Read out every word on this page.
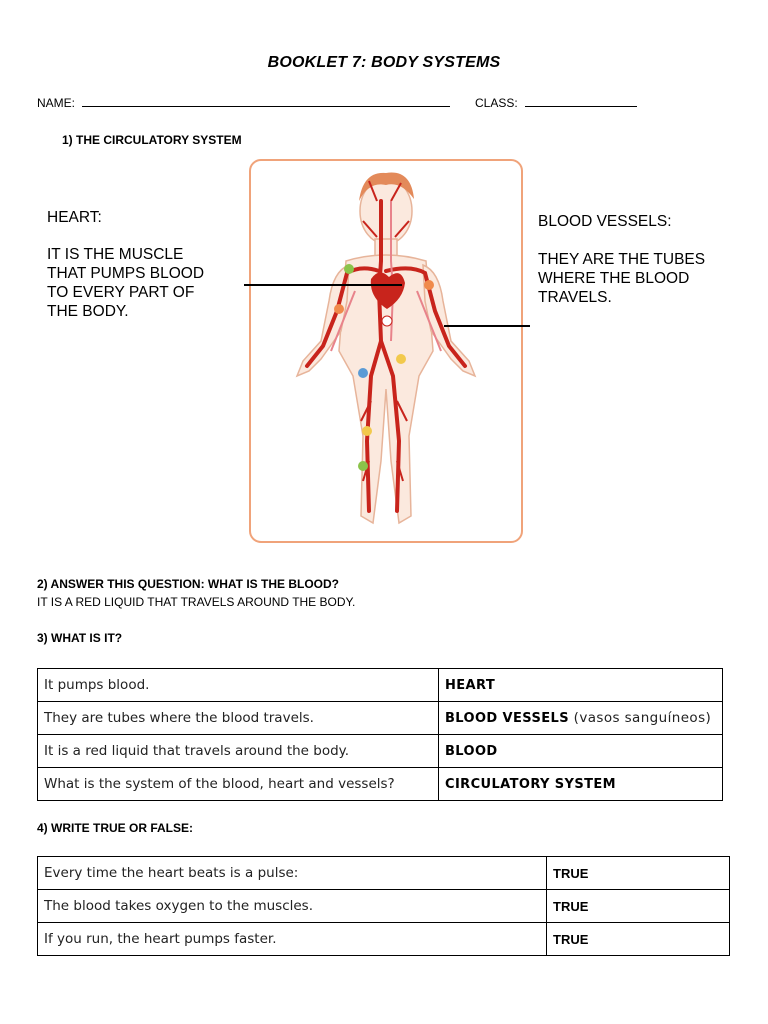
BOOKLET 7: BODY SYSTEMS
NAME:	CLASS:
1) THE CIRCULATORY SYSTEM
HEART:
IT IS THE MUSCLE
THAT PUMPS BLOOD
TO EVERY PART OF
THE BODY.
BLOOD VESSELS:
THEY ARE THE TUBES
WHERE THE BLOOD
TRAVELS.
2) ANSWER THIS QUESTION: WHAT IS THE BLOOD?
IT IS A RED LIQUID THAT TRAVELS AROUND THE BODY.
3) WHAT IS IT?
It pumps blood.	HEART
They are tubes where the blood travels.	BLOOD VESSELS (vasos sanguíneos)
It is a red liquid that travels around the body.	BLOOD
What is the system of the blood, heart and vessels?	CIRCULATORY SYSTEM
4) WRITE TRUE OR FALSE:
Every time the heart beats is a pulse:	TRUE
The blood takes oxygen to the muscles.	TRUE
If you run, the heart pumps faster.	TRUE
